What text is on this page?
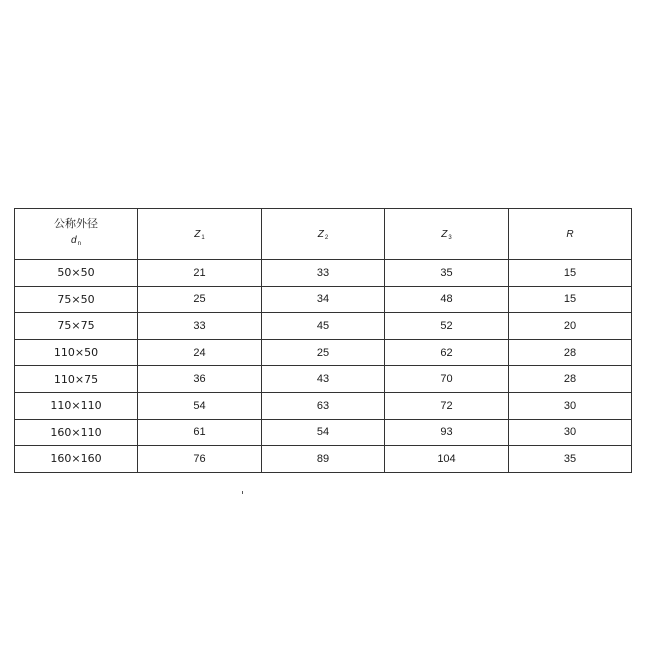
公称外径
$d_n$	$Z_1$	$Z_2$	$Z_3$	R
50×50	21	33	35	15
75×50	25	34	48	15
75×75	33	45	52	20
110×50	24	25	62	28
110×75	36	43	70	28
110×110	54	63	72	30
160×110	61	54	93	30
160×160	76	89	104	35
